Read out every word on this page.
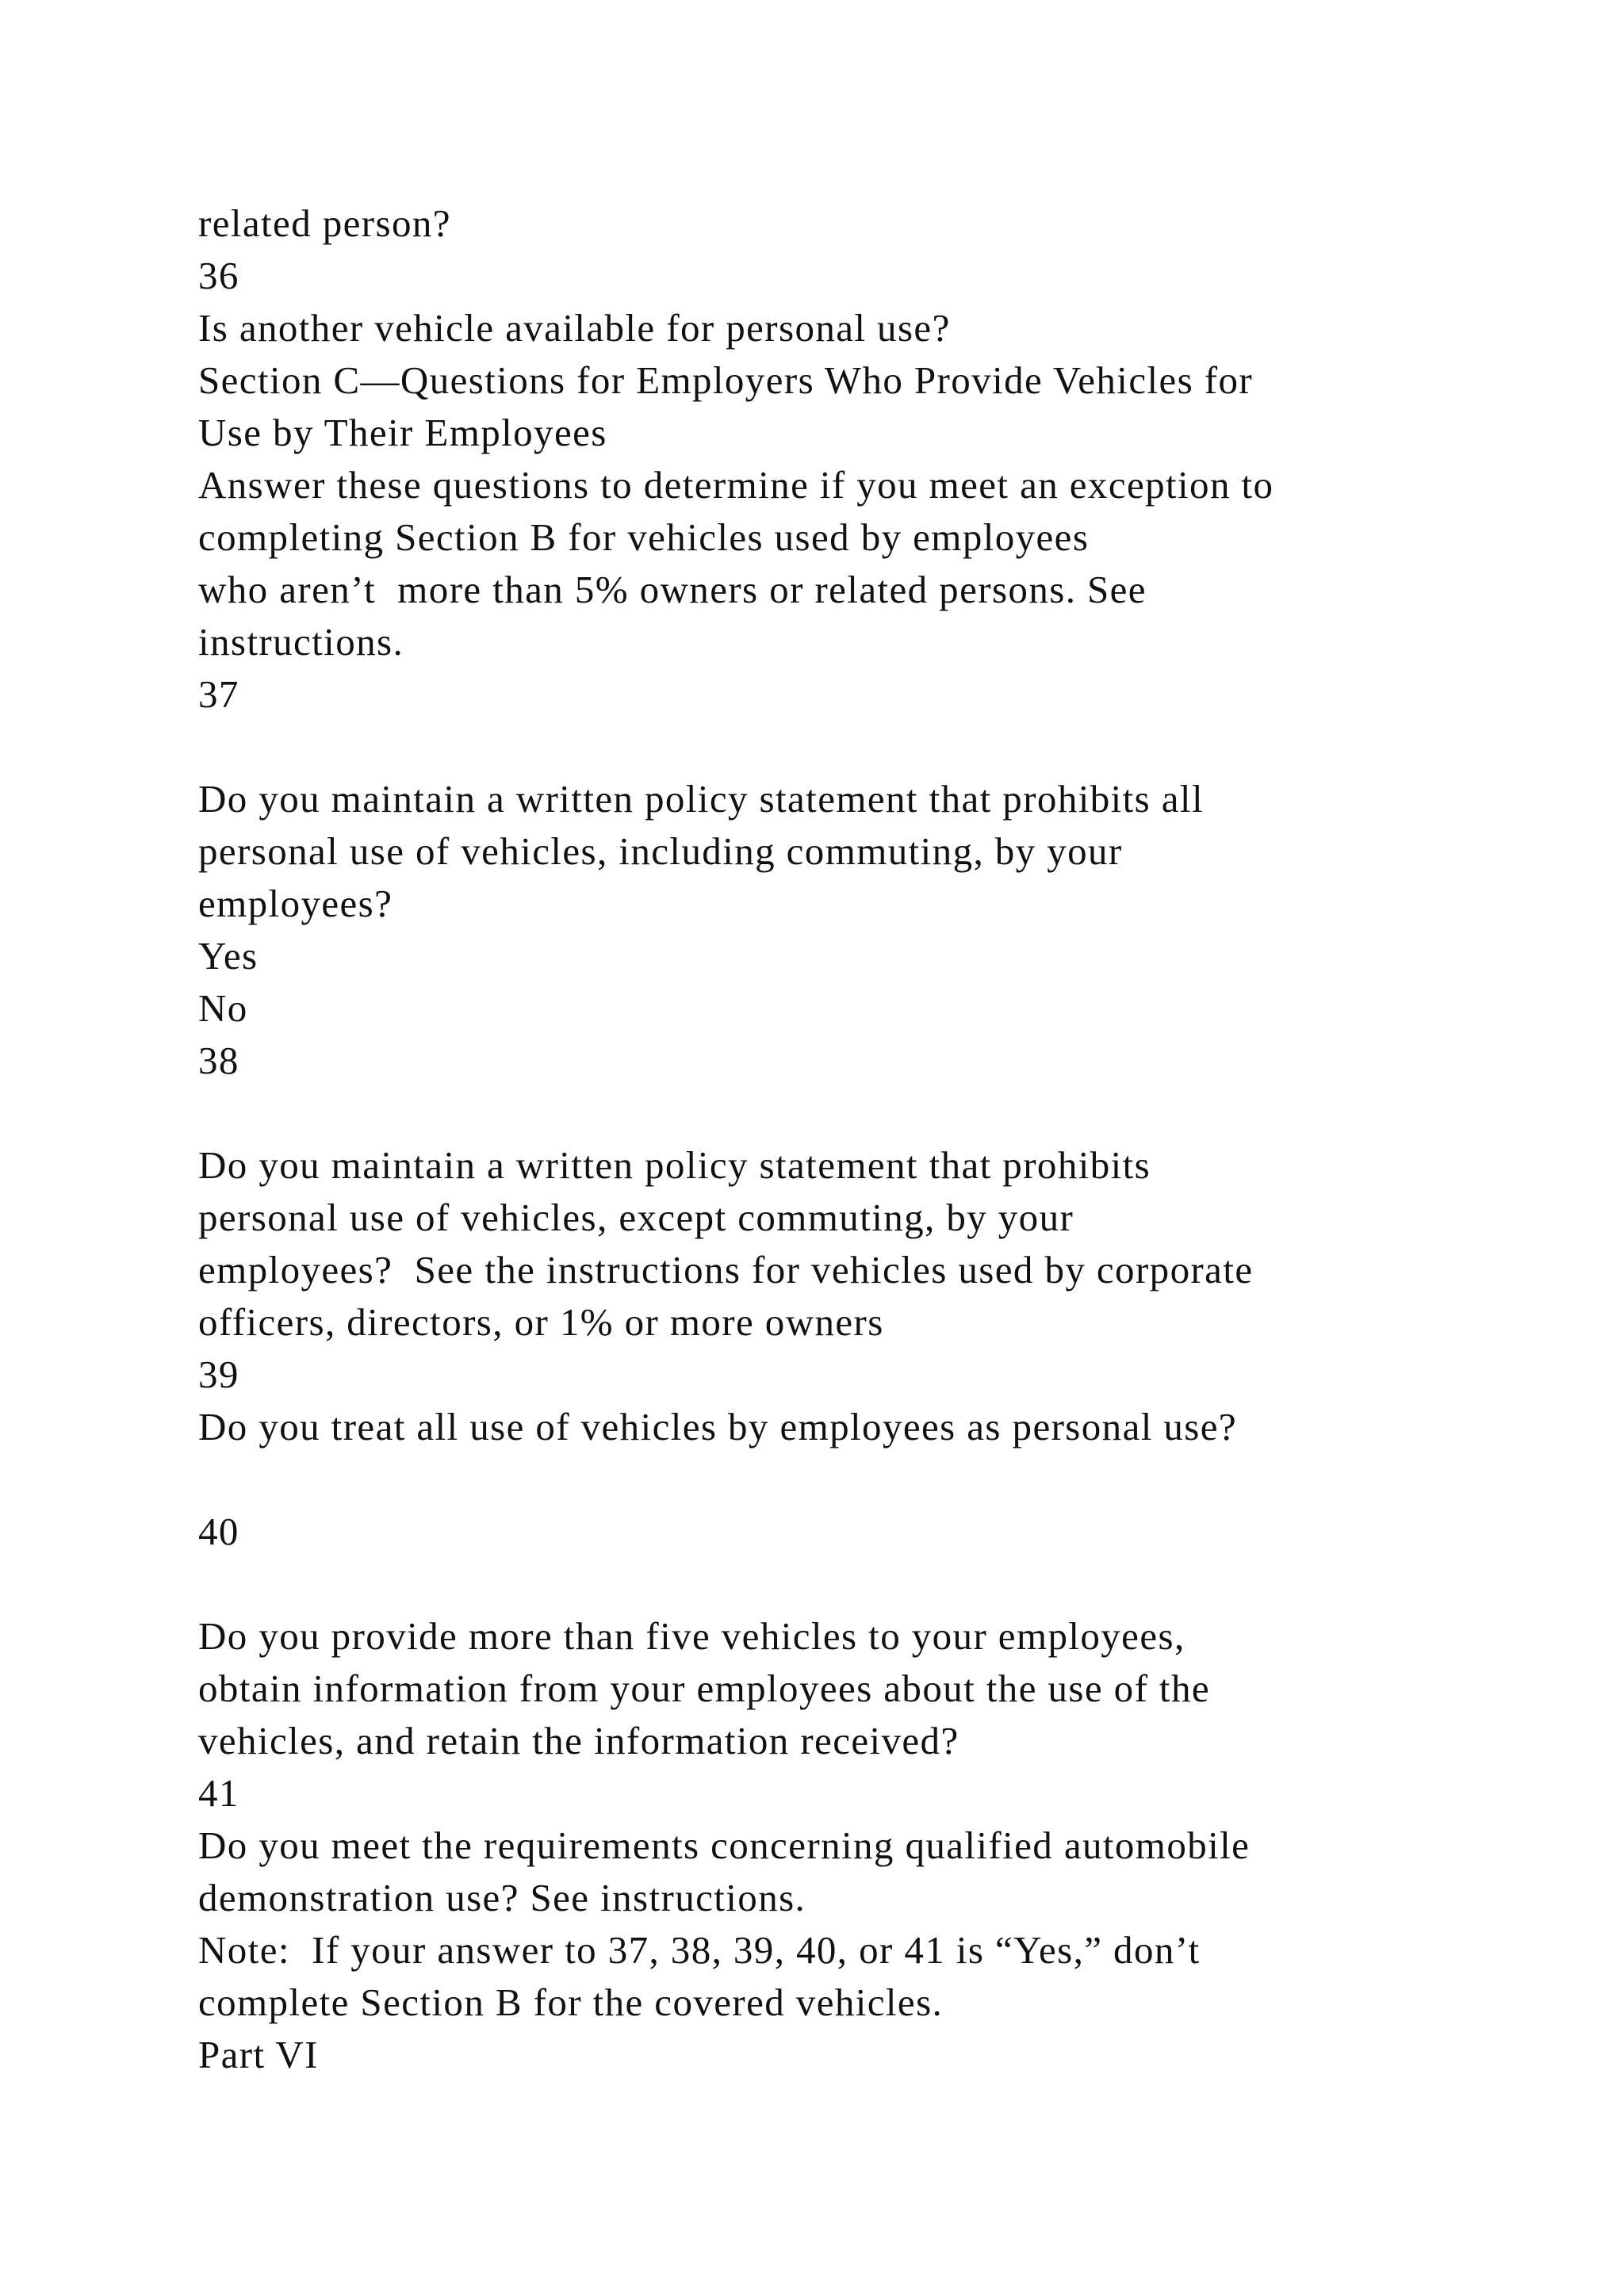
related person?

36

Is another vehicle available for personal use?

Section C—Questions for Employers Who Provide Vehicles for

Use by Their Employees

Answer these questions to determine if you meet an exception to

completing Section B for vehicles used by employees

who aren’t  more than 5% owners or related persons. See

instructions.

37

Do you maintain a written policy statement that prohibits all

personal use of vehicles, including commuting, by your

employees?

Yes

No

38

Do you maintain a written policy statement that prohibits

personal use of vehicles, except commuting, by your

employees?  See the instructions for vehicles used by corporate

officers, directors, or 1% or more owners

39

Do you treat all use of vehicles by employees as personal use?

40

Do you provide more than five vehicles to your employees,

obtain information from your employees about the use of the

vehicles, and retain the information received?

41

Do you meet the requirements concerning qualified automobile

demonstration use? See instructions.

Note:  If your answer to 37, 38, 39, 40, or 41 is “Yes,” don’t

complete Section B for the covered vehicles.

Part VI
